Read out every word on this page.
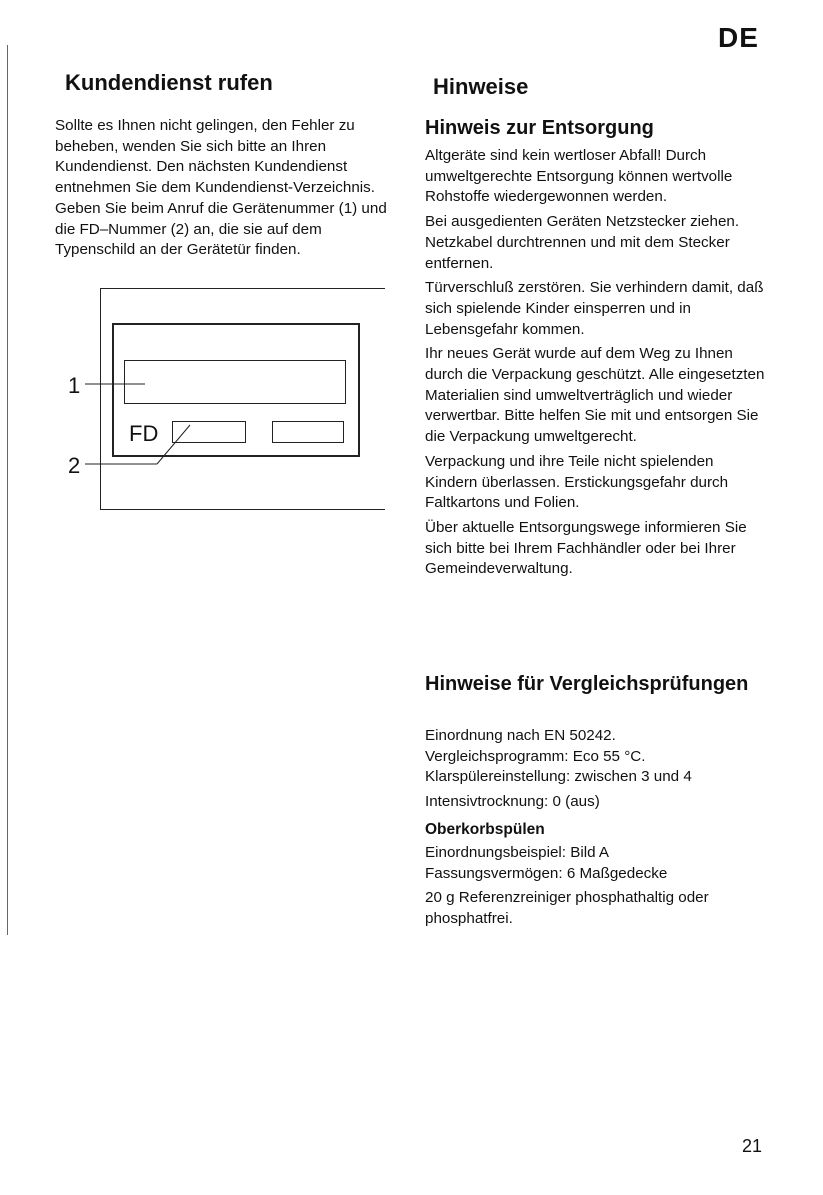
DE
Kundendienst rufen

Sollte es Ihnen nicht gelingen, den Fehler zu beheben, wenden Sie sich bitte an Ihren Kundendienst. Den nächsten Kundendienst entnehmen Sie dem Kundendienst-Verzeichnis. Geben Sie beim Anruf die Gerätenummer (1) und die FD–Nummer (2) an, die sie auf dem Typenschild an der Gerätetür finden.

FD
1
2
Hinweise
Hinweis zur Entsorgung

Altgeräte sind kein wertloser Abfall! Durch umweltgerechte Entsorgung können wertvolle Rohstoffe wiedergewonnen werden.

Bei ausgedienten Geräten Netzstecker ziehen. Netzkabel durchtrennen und mit dem Stecker entfernen.

Türverschluß zerstören. Sie verhindern damit, daß sich spielende Kinder einsperren und in Lebensgefahr kommen.

Ihr neues Gerät wurde auf dem Weg zu Ihnen durch die Verpackung geschützt. Alle eingesetzten Materialien sind umweltverträglich und wieder verwertbar. Bitte helfen Sie mit und entsorgen Sie die Verpackung umweltgerecht.

Verpackung und ihre Teile nicht spielenden Kindern überlassen. Erstickungsgefahr durch Faltkartons und Folien.

Über aktuelle Entsorgungswege informieren Sie sich bitte bei Ihrem Fachhändler oder bei Ihrer Gemeindeverwaltung.

Hinweise für Vergleichsprüfungen

Einordnung nach EN 50242.

Vergleichsprogramm: Eco 55 °C.

Klarspülereinstellung: zwischen 3 und 4

Intensivtrocknung: 0 (aus)

Oberkorbspülen

Einordnungsbeispiel: Bild A
Fassungsvermögen: 6 Maßgedecke

20 g Referenzreiniger phosphathaltig oder phosphatfrei.

21
